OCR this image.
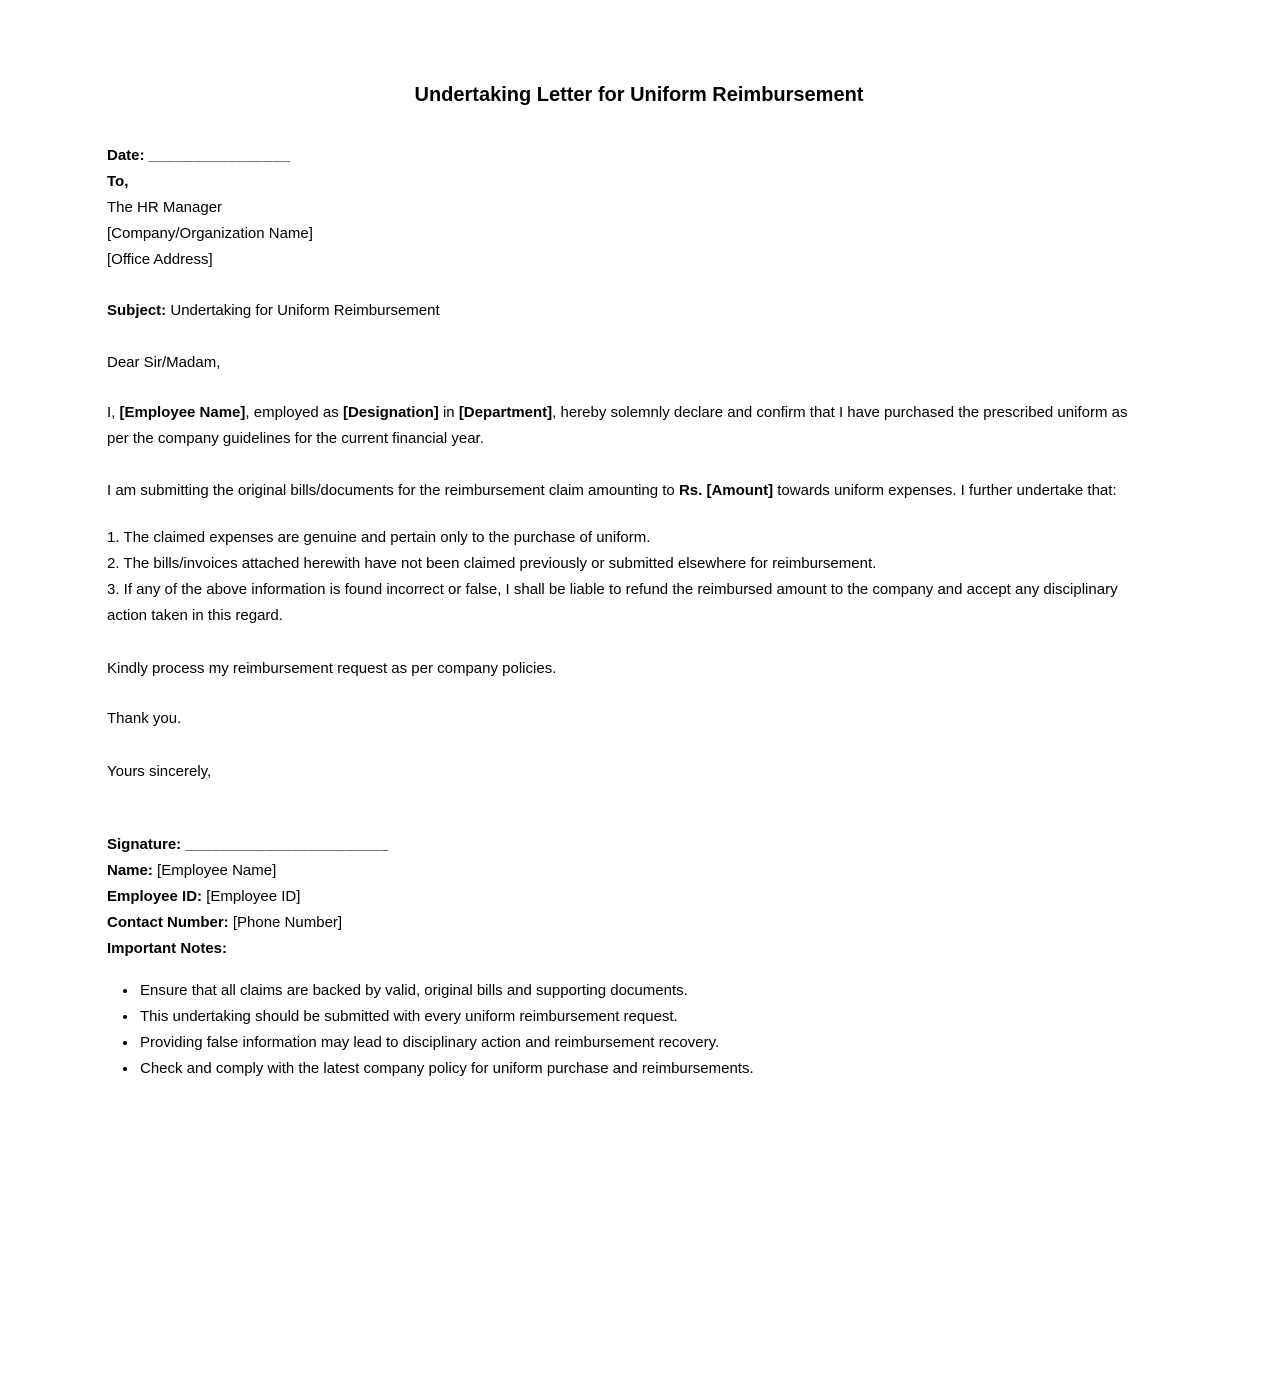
Undertaking Letter for Uniform Reimbursement
Date: ________________
To,
The HR Manager
[Company/Organization Name]
[Office Address]
Subject: Undertaking for Uniform Reimbursement
Dear Sir/Madam,

I, [Employee Name], employed as [Designation] in [Department], hereby solemnly declare and confirm that I have purchased the prescribed uniform as per the company guidelines for the current financial year.

I am submitting the original bills/documents for the reimbursement claim amounting to Rs. [Amount] towards uniform expenses. I further undertake that:

1. The claimed expenses are genuine and pertain only to the purchase of uniform.
2. The bills/invoices attached herewith have not been claimed previously or submitted elsewhere for reimbursement.
3. If any of the above information is found incorrect or false, I shall be liable to refund the reimbursed amount to the company and accept any disciplinary action taken in this regard.

Kindly process my reimbursement request as per company policies.

Thank you.

Yours sincerely,

Signature: _______________________
Name: [Employee Name]
Employee ID: [Employee ID]
Contact Number: [Phone Number]
Important Notes:
• Ensure that all claims are backed by valid, original bills and supporting documents.
• This undertaking should be submitted with every uniform reimbursement request.
• Providing false information may lead to disciplinary action and reimbursement recovery.
• Check and comply with the latest company policy for uniform purchase and reimbursements.
